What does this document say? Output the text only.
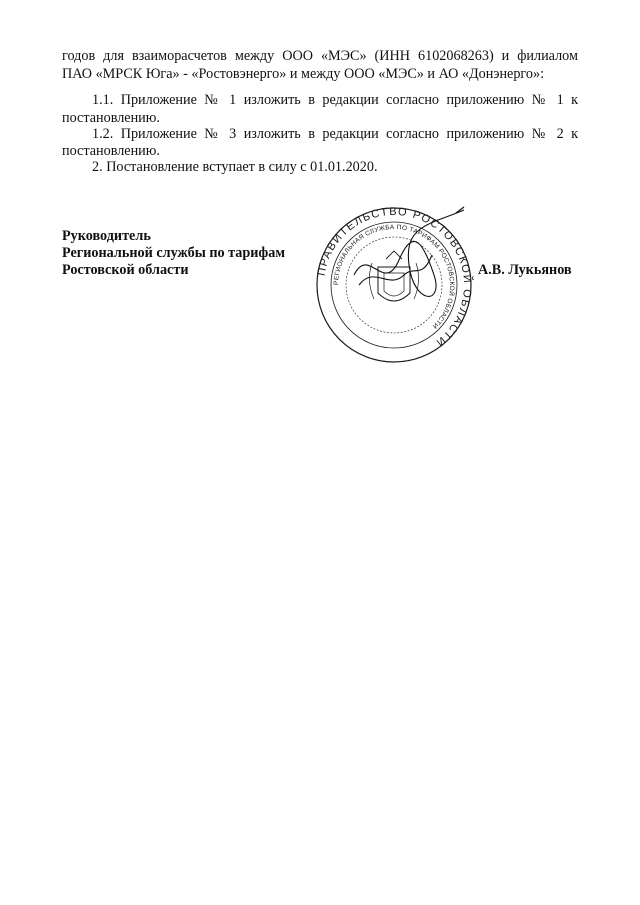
годов для взаиморасчетов между ООО «МЭС» (ИНН 6102068263) и филиалом
ПАО «МРСК Юга» - «Ростовэнерго» и между ООО «МЭС» и АО «Донэнерго»:
1.1. Приложение № 1 изложить в редакции согласно приложению № 1 к
постановлению.
1.2. Приложение № 3 изложить в редакции согласно приложению № 2 к
постановлению.
2. Постановление вступает в силу с 01.01.2020.
Руководитель
Региональной службы по тарифам
Ростовской области	А.В. Лукьянов
ПРАВИТЕЛЬСТВО РОСТОВСКОЙ ОБЛАСТИ
РЕГИОНАЛЬНАЯ СЛУЖБА ПО ТАРИФАМ РОСТОВСКОЙ ОБЛАСТИ
